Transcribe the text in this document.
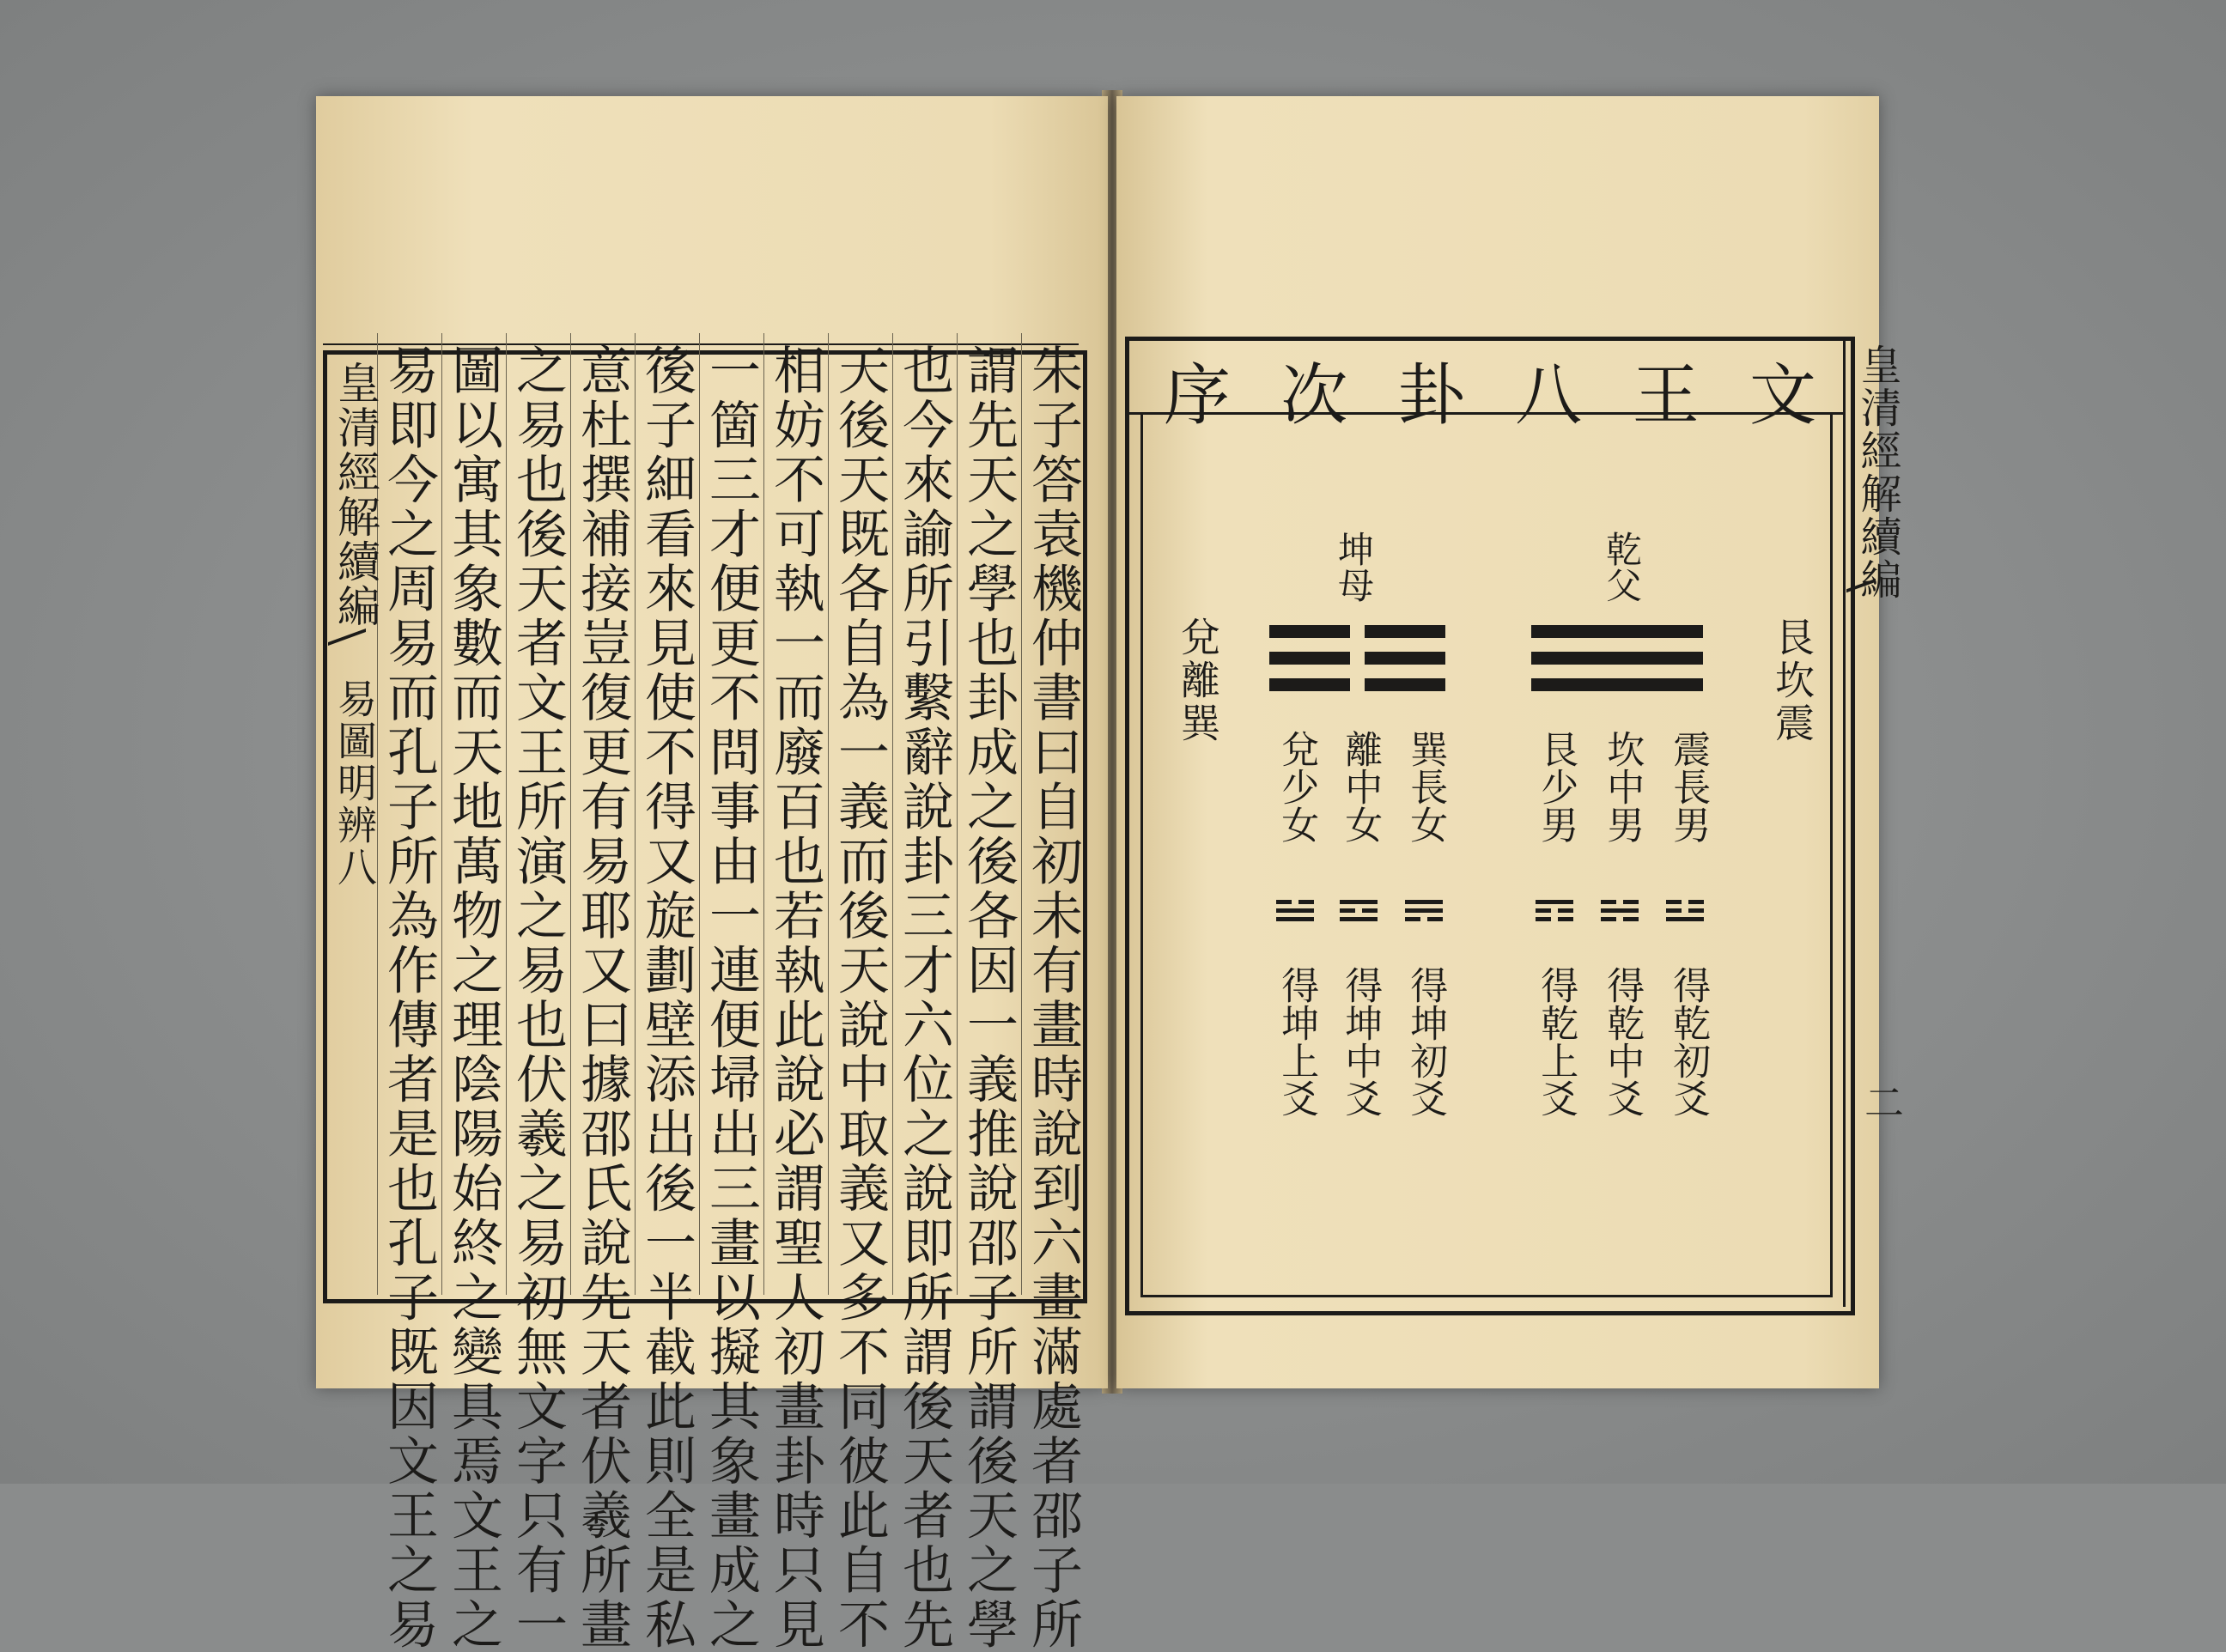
朱子答袁機仲書曰自初未有畫時說到六畫滿處者邵子所
謂先天之學也卦成之後各因一義推說邵子所謂後天之學
也今來諭所引繫辭說卦三才六位之說即所謂後天者也先
天後天既各自為一義而後天說中取義又多不同彼此自不
相妨不可執一而廢百也若執此說必謂聖人初畫卦時只見
一箇三才便更不問事由一連便埽出三畫以擬其象畫成之
後子細看來見使不得又旋劃壁添出後一半截此則全是私
意杜撰補接豈復更有易耶又曰據邵氏說先天者伏羲所畫
之易也後天者文王所演之易也伏羲之易初無文字只有一
圖以寓其象數而天地萬物之理陰陽始終之變具焉文王之
易即今之周易而孔子所為作傳者是也孔子既因文王之易
皇清經解續編
易圖明辨八
文
王
八
卦
次
序	皇清經解續編
二
乾父
坤母
艮坎震
兌離巽
震長男
坎中男
艮少男
巽長女
離中女
兌少女
得乾初爻
得乾中爻
得乾上爻
得坤初爻
得坤中爻
得坤上爻
